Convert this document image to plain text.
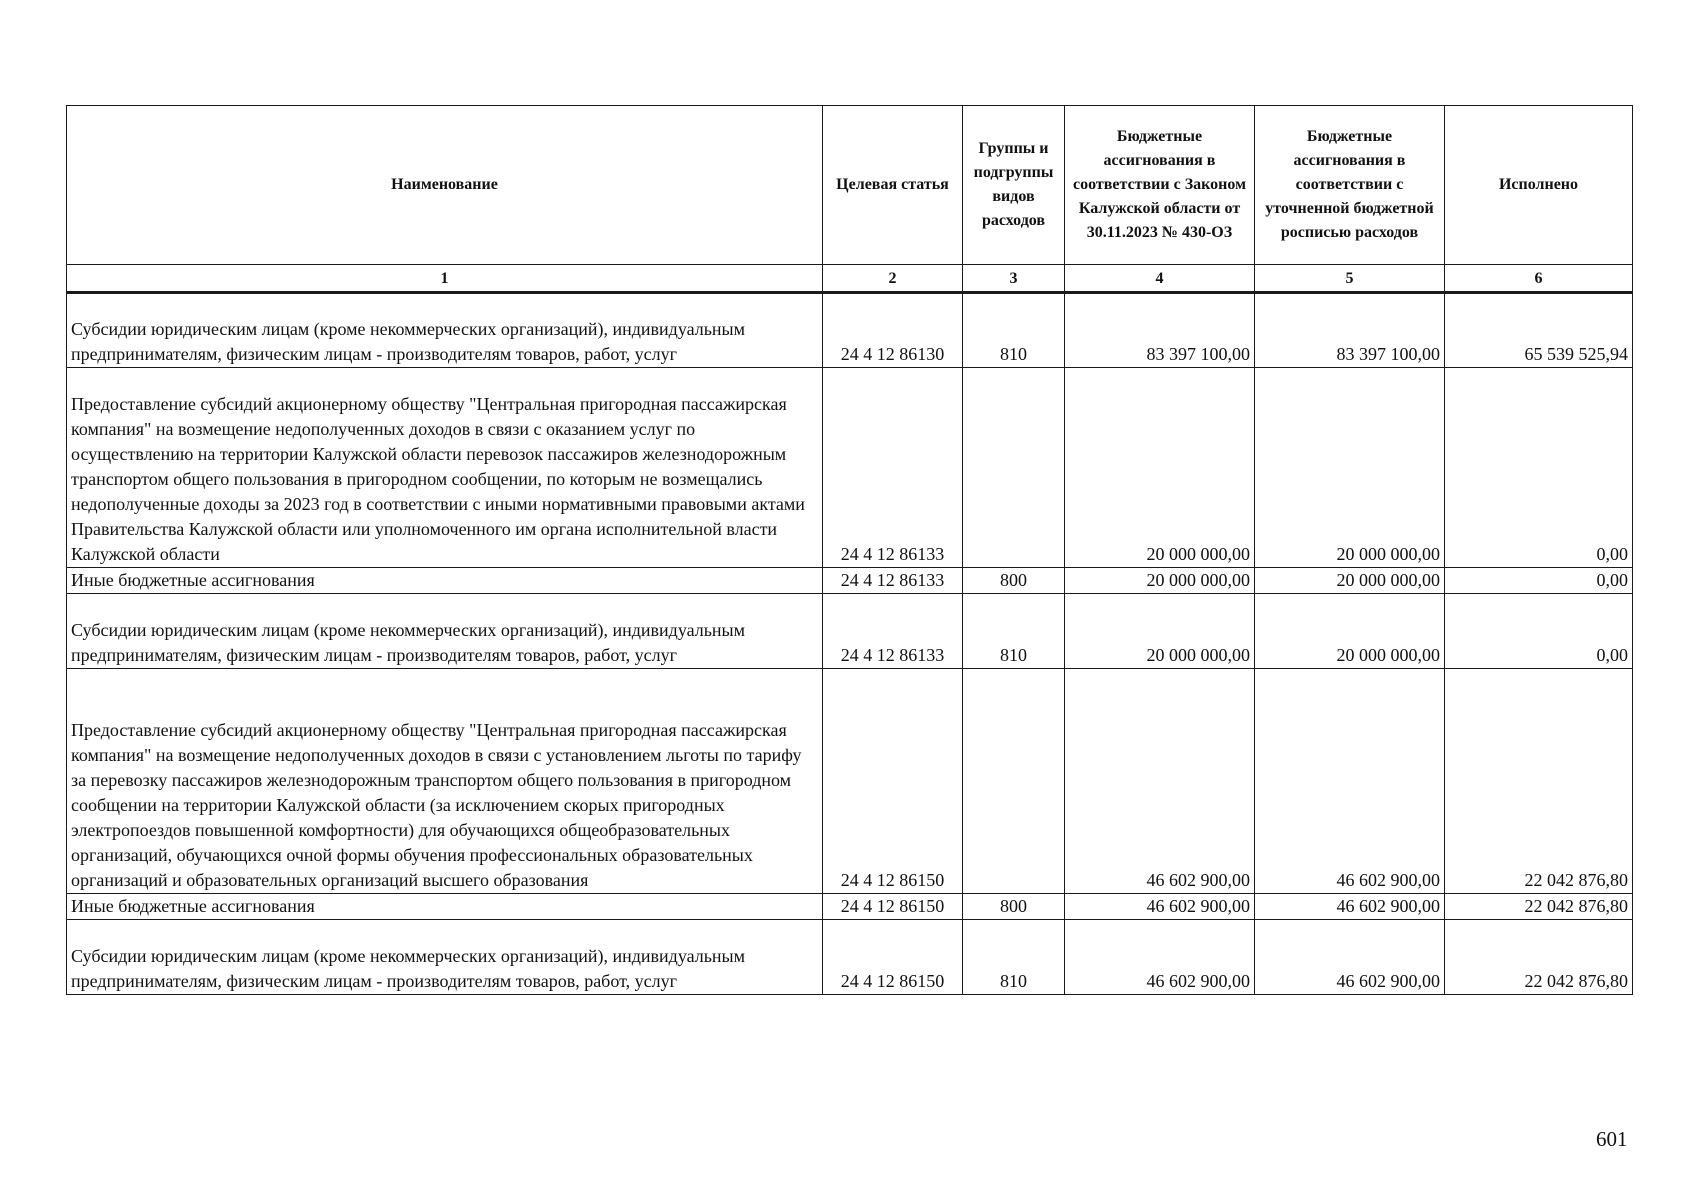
Наименование	Целевая статья	Группы и подгруппы видов расходов	Бюджетные ассигнования в соответствии с Законом Калужской области от 30.11.2023 № 430-ОЗ	Бюджетные ассигнования в соответствии с уточненной бюджетной росписью расходов	Исполнено
1	2	3	4	5	6
Субсидии юридическим лицам (кроме некоммерческих организаций), индивидуальным предпринимателям, физическим лицам - производителям товаров, работ, услуг	24 4 12 86130	810	83 397 100,00	83 397 100,00	65 539 525,94
Предоставление субсидий акционерному обществу "Центральная пригородная пассажирская компания" на возмещение недополученных доходов в связи с оказанием услуг по осуществлению на территории Калужской области перевозок пассажиров железнодорожным транспортом общего пользования в пригородном сообщении, по которым не возмещались недополученные доходы за 2023 год в соответствии с иными нормативными правовыми актами Правительства Калужской области или уполномоченного им органа исполнительной власти Калужской области	24 4 12 86133		20 000 000,00	20 000 000,00	0,00
Иные бюджетные ассигнования	24 4 12 86133	800	20 000 000,00	20 000 000,00	0,00
Субсидии юридическим лицам (кроме некоммерческих организаций), индивидуальным предпринимателям, физическим лицам - производителям товаров, работ, услуг	24 4 12 86133	810	20 000 000,00	20 000 000,00	0,00
Предоставление субсидий акционерному обществу "Центральная пригородная пассажирская компания" на возмещение недополученных доходов в связи с установлением льготы по тарифу за перевозку пассажиров железнодорожным транспортом общего пользования в пригородном сообщении на территории Калужской области (за исключением скорых пригородных электропоездов повышенной комфортности) для обучающихся общеобразовательных организаций, обучающихся очной формы обучения профессиональных образовательных организаций и образовательных организаций высшего образования	24 4 12 86150		46 602 900,00	46 602 900,00	22 042 876,80
Иные бюджетные ассигнования	24 4 12 86150	800	46 602 900,00	46 602 900,00	22 042 876,80
Субсидии юридическим лицам (кроме некоммерческих организаций), индивидуальным предпринимателям, физическим лицам - производителям товаров, работ, услуг	24 4 12 86150	810	46 602 900,00	46 602 900,00	22 042 876,80
601
